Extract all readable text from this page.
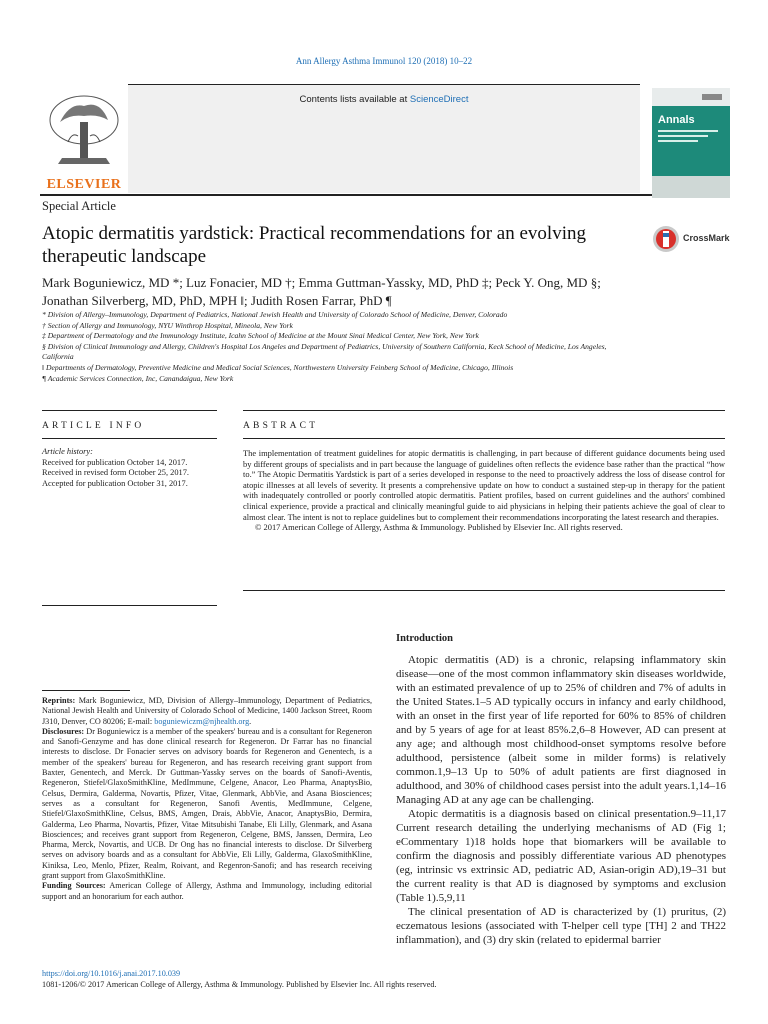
Ann Allergy Asthma Immunol 120 (2018) 10–22
Contents lists available at ScienceDirect
ELSEVIER
Annals
Special Article
Atopic dermatitis yardstick: Practical recommendations for an evolving therapeutic landscape
CrossMark
Mark Boguniewicz, MD *; Luz Fonacier, MD †; Emma Guttman-Yassky, MD, PhD ‡; Peck Y. Ong, MD §;
Jonathan Silverberg, MD, PhD, MPH ‖; Judith Rosen Farrar, PhD ¶
* Division of Allergy–Immunology, Department of Pediatrics, National Jewish Health and University of Colorado School of Medicine, Denver, Colorado
† Section of Allergy and Immunology, NYU Winthrop Hospital, Mineola, New York
‡ Department of Dermatology and the Immunology Institute, Icahn School of Medicine at the Mount Sinai Medical Center, New York, New York
§ Division of Clinical Immunology and Allergy, Children's Hospital Los Angeles and Department of Pediatrics, University of Southern California, Keck School of Medicine, Los Angeles,
California
‖ Departments of Dermatology, Preventive Medicine and Medical Social Sciences, Northwestern University Feinberg School of Medicine, Chicago, Illinois
¶ Academic Services Connection, Inc, Canandaigua, New York
ARTICLE INFO	ABSTRACT
Article history:
Received for publication October 14, 2017.
Received in revised form October 25, 2017.
Accepted for publication October 31, 2017.
The implementation of treatment guidelines for atopic dermatitis is challenging, in part because of different guidance documents being used by different groups of specialists and in part because the language of guidelines often reflects the evidence base rather than the practical “how to.” The Atopic Dermatitis Yardstick is part of a series developed in response to the need to proactively address the loss of disease control for atopic illnesses at all levels of severity. It presents a comprehensive update on how to conduct a sustained step-up in therapy for the patient with inadequately controlled or poorly controlled atopic dermatitis. Patient profiles, based on current guidelines and the authors' combined clinical experience, provide a practical and clinically meaningful guide to aid physicians in helping their patients achieve the goal of clear to almost clear. The intent is not to replace guidelines but to complement their recommendations incorporating the latest research and therapies.
© 2017 American College of Allergy, Asthma & Immunology. Published by Elsevier Inc. All rights reserved.
Reprints: Mark Boguniewicz, MD, Division of Allergy–Immunology, Department of Pediatrics, National Jewish Health and University of Colorado School of Medicine, 1400 Jackson Street, Room J310, Denver, CO 80206; E-mail: boguniewiczm@njhealth.org.
Disclosures: Dr Boguniewicz is a member of the speakers' bureau and is a consultant for Regeneron and Sanofi-Genzyme and has done clinical research for Regeneron. Dr Farrar has no financial interests to disclose. Dr Fonacier serves on advisory boards for Regeneron and Genentech, is a member of the speakers' bureau for Regeneron, and has research receiving grant support from Baxter, Genentech, and Merck. Dr Guttman-Yassky serves on the boards of Sanofi-Aventis, Regeneron, Stiefel/GlaxoSmithKline, MedImmune, Celgene, Anacor, Leo Pharma, AnaptysBio, Celsus, Dermira, Galderma, Novartis, Pfizer, Vitae, Glenmark, AbbVie, and Asana Biosciences; serves as a consultant for Regeneron, Sanofi Aventis, MedImmune, Celgene, Stiefel/GlaxoSmithKline, Celsus, BMS, Amgen, Drais, AbbVie, Anacor, AnaptysBio, Dermira, Galderma, Leo Pharma, Novartis, Pfizer, Vitae Mitsubishi Tanabe, Eli Lilly, Glenmark, and Asana Biosciences; and receives grant support from Regeneron, Celgene, BMS, Janssen, Dermira, Leo Pharma, Merck, Novartis, and UCB. Dr Ong has no financial interests to disclose. Dr Silverberg serves on advisory boards and as a consultant for AbbVie, Eli Lilly, Galderma, GlaxoSmithKline, Kiniksa, Leo, Menlo, Pfizer, Realm, Roivant, and Regenron-Sanofi; and has research receiving grant support from GlaxoSmithKline.
Funding Sources: American College of Allergy, Asthma and Immunology, including editorial support and an honorarium for each author.
Introduction

Atopic dermatitis (AD) is a chronic, relapsing inflammatory skin disease—one of the most common inflammatory skin diseases worldwide, with an estimated prevalence of up to 25% of children and 7% of adults in the United States.1–5 AD typically occurs in infancy and early childhood, with an onset in the first year of life reported for 60% to 85% of children and by 5 years of age for at least 85%.2,6–8 However, AD can present at any age; and although most childhood-onset symptoms resolve before adulthood, persistence (albeit some in milder forms) is relatively common.1,9–13 Up to 50% of adult patients are first diagnosed in adulthood, and 30% of childhood cases persist into the adult years.1,14–16 Managing AD at any age can be challenging.

Atopic dermatitis is a diagnosis based on clinical presentation.9–11,17 Current research detailing the underlying mechanisms of AD (Fig 1; eCommentary 1)18 holds hope that biomarkers will be available to confirm the diagnosis and possibly differentiate various AD phenotypes (eg, intrinsic vs extrinsic AD, pediatric AD, Asian-origin AD),19–31 but the current reality is that AD is diagnosed by symptoms and exclusion (Table 1).5,9,11

The clinical presentation of AD is characterized by (1) pruritus, (2) eczematous lesions (associated with T-helper cell type [TH] 2 and TH22 inflammation), and (3) dry skin (related to epidermal barrier

https://doi.org/10.1016/j.anai.2017.10.039
1081-1206/© 2017 American College of Allergy, Asthma & Immunology. Published by Elsevier Inc. All rights reserved.
